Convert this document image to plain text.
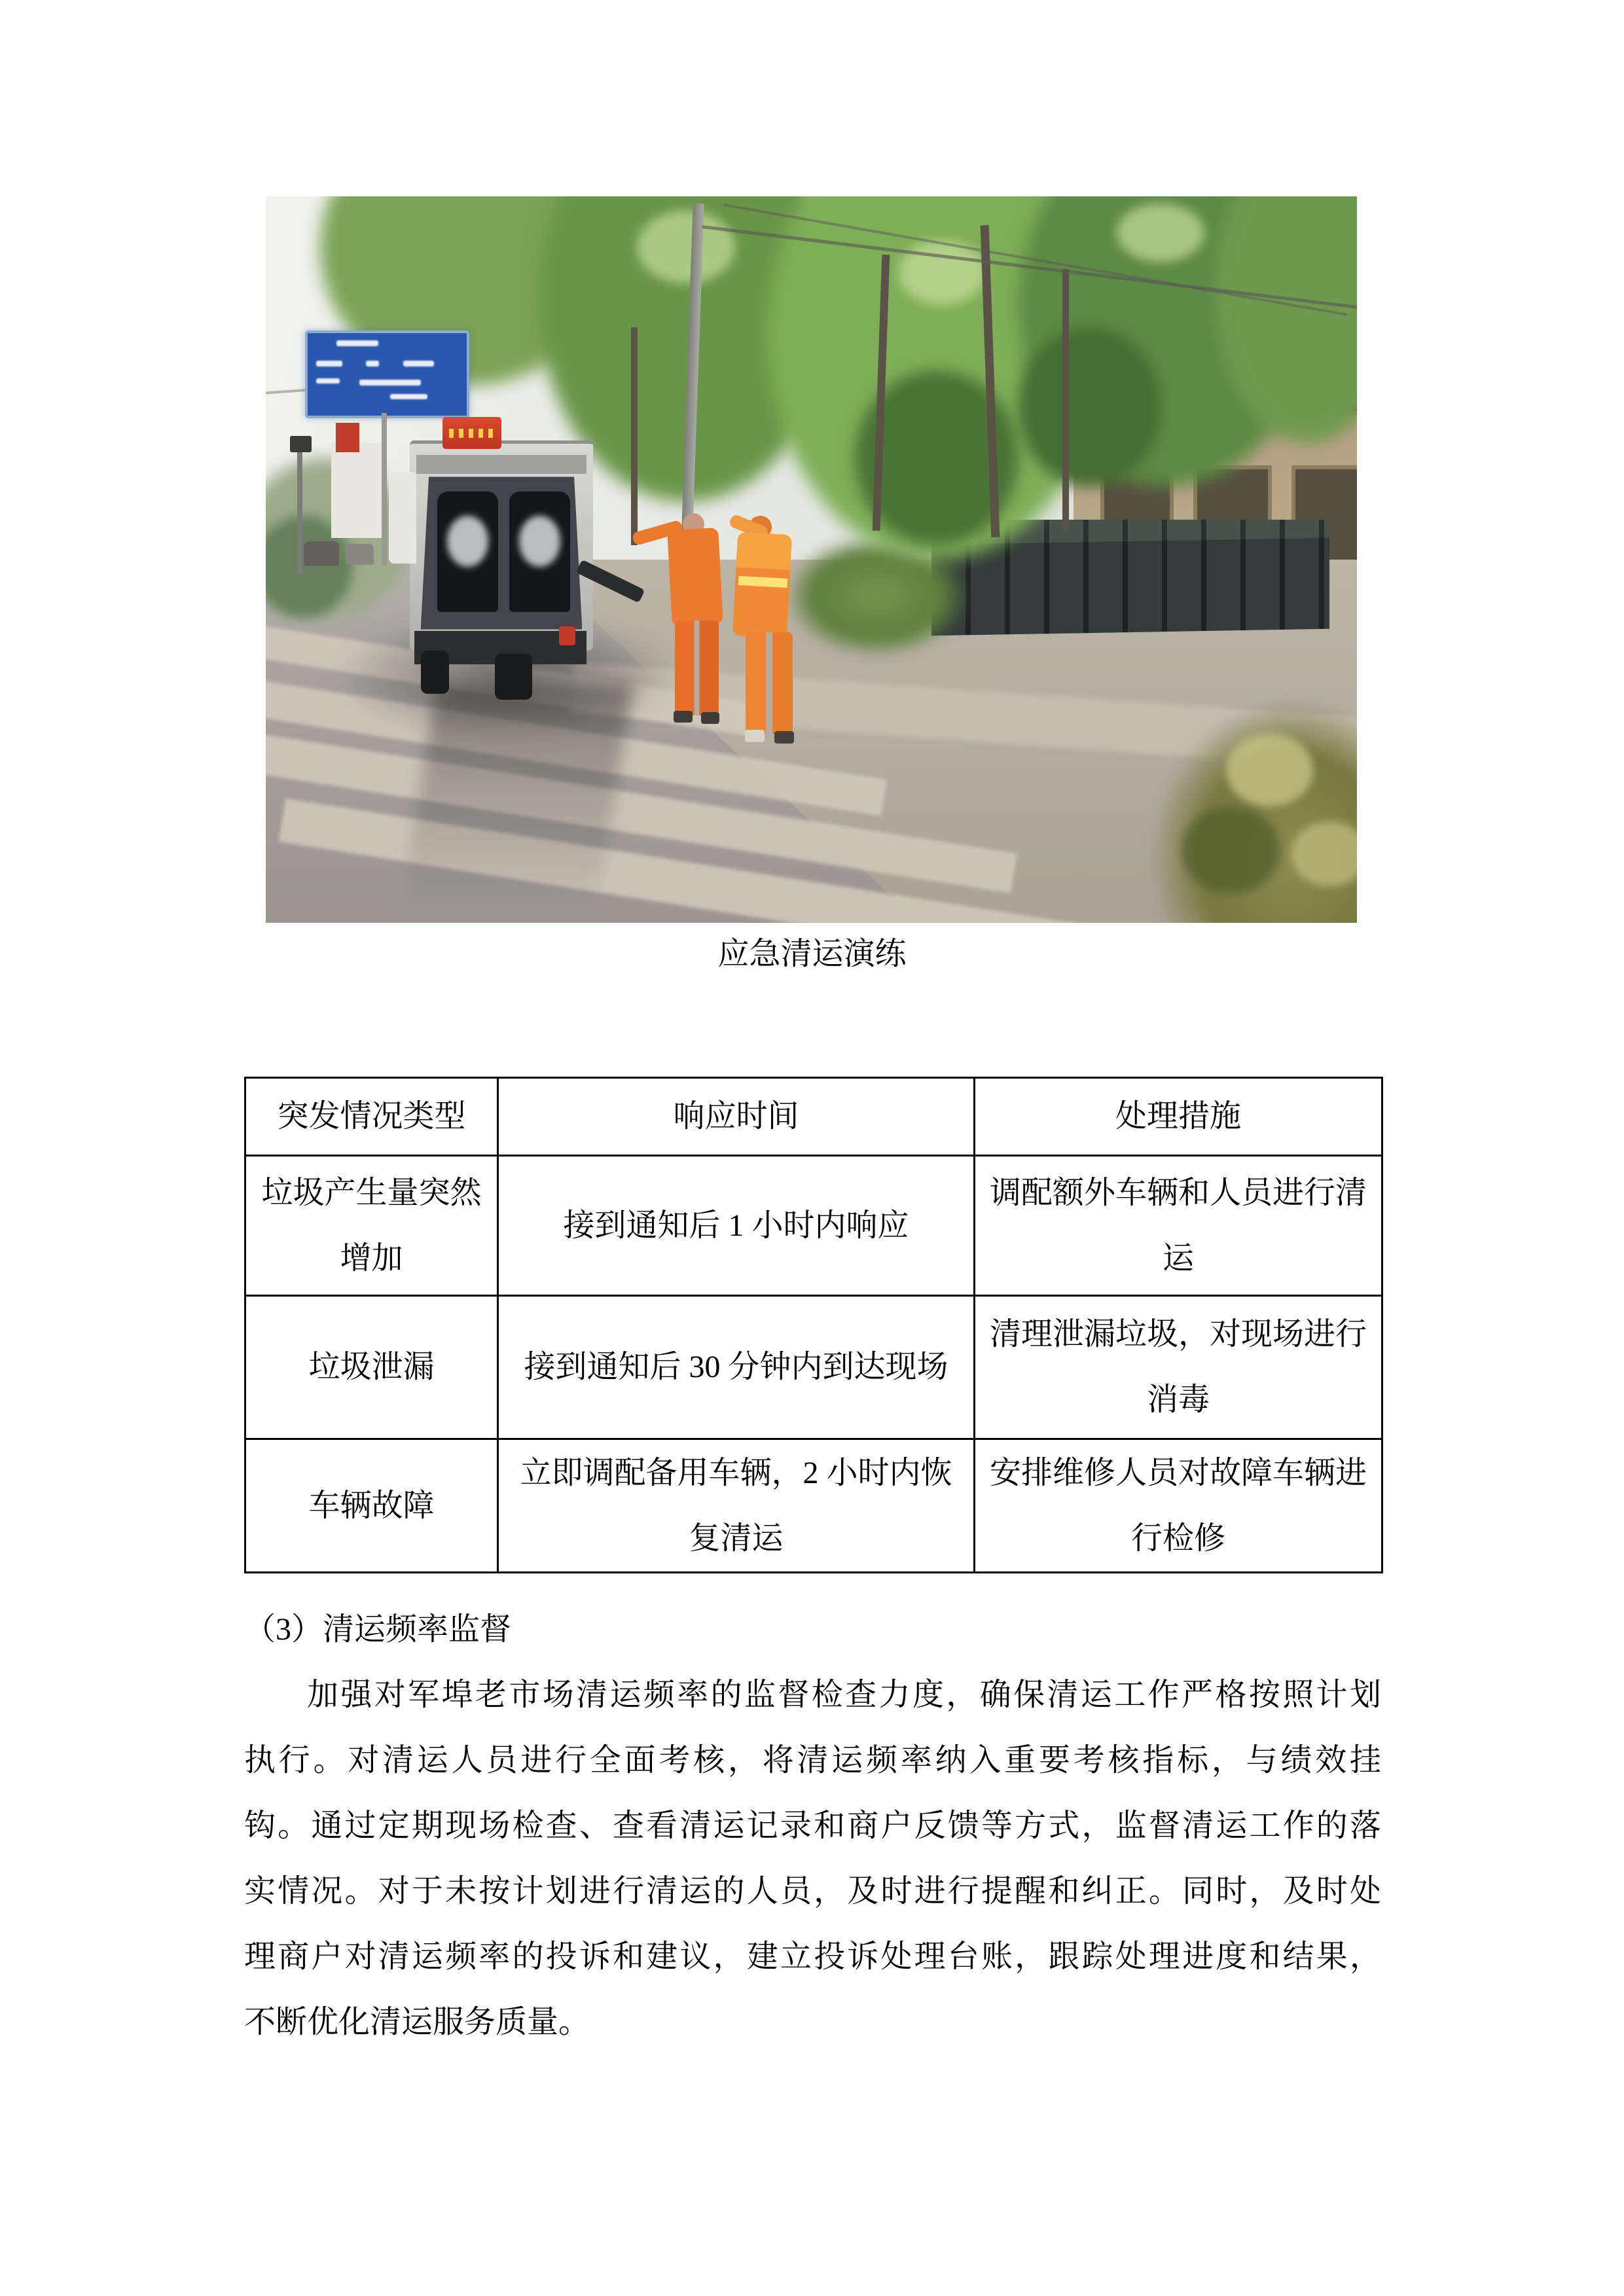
应急清运演练
突发情况类型	响应时间	处理措施
垃圾产生量突然增加	接到通知后 1 小时内响应	调配额外车辆和人员进行清运
垃圾泄漏	接到通知后 30 分钟内到达现场	清理泄漏垃圾，对现场进行消毒
车辆故障	立即调配备用车辆，2 小时内恢复清运	安排维修人员对故障车辆进行检修
（3）清运频率监督
加强对军埠老市场清运频率的监督检查力度，确保清运工作严格按照计划
执行。对清运人员进行全面考核，将清运频率纳入重要考核指标，与绩效挂
钩。通过定期现场检查、查看清运记录和商户反馈等方式，监督清运工作的落
实情况。对于未按计划进行清运的人员，及时进行提醒和纠正。同时，及时处
理商户对清运频率的投诉和建议，建立投诉处理台账，跟踪处理进度和结果，
不断优化清运服务质量。
